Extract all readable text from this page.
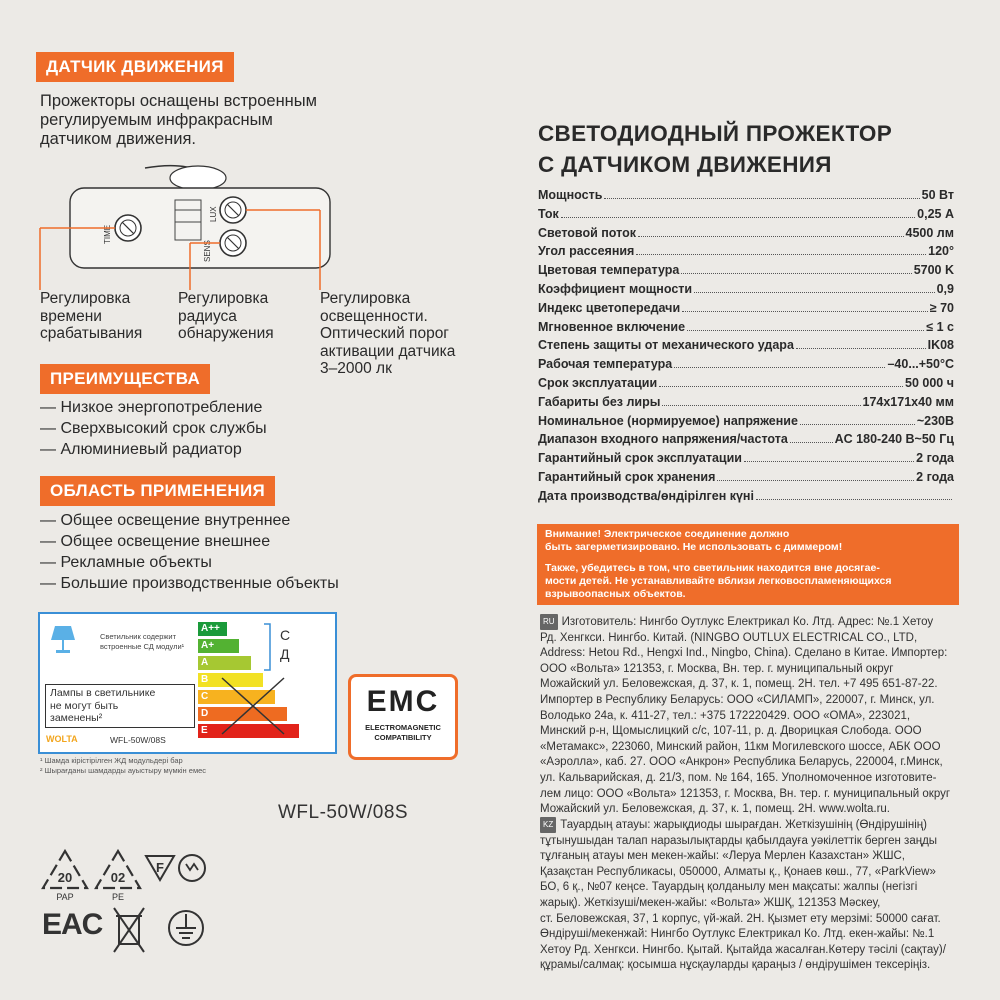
ДАТЧИК ДВИЖЕНИЯ
Прожекторы оснащены встроенным
регулируемым инфракрасным
датчиком движения.
TIME
LUX
SENS
Регулировка
времени
срабатывания
Регулировка
радиуса
обнаружения
Регулировка
освещенности.
Оптический порог
активации датчика
3–2000 лк
ПРЕИМУЩЕСТВА
— Низкое энергопотребление
— Сверхвысокий срок службы
— Алюминиевый радиатор
ОБЛАСТЬ ПРИМЕНЕНИЯ
— Общее освещение внутреннее
— Общее освещение внешнее
— Рекламные объекты
— Большие производственные объекты
Светильник содержит
встроенные СД модули¹
Лампы в светильнике
не могут быть
заменены²
WOLTA	WFL-50W/08S
A++
A+
A
B
C
D
E
С
Д
¹ Шамда кірістірілген ЖД модульдері бар
² Шырағданы шамдарды ауыстыру мүмкін емес
EMC
ELECTROMAGNETIC
COMPATIBILITY
WFL-50W/08S
20
PAP
02
PE
F
EAC
СВЕТОДИОДНЫЙ ПРОЖЕКТОР
С ДАТЧИКОМ ДВИЖЕНИЯ
Мощность	50 Вт
Ток	0,25 А
Световой поток	4500 лм
Угол рассеяния	120°
Цветовая температура	5700 K
Коэффициент мощности	0,9
Индекс цветопередачи	≥ 70
Мгновенное включение	≤ 1 с
Степень защиты от механического удара	IK08
Рабочая температура	–40...+50°С
Срок эксплуатации	50 000 ч
Габариты без лиры	174х171х40 мм
Номинальное (нормируемое) напряжение	~230В
Диапазон входного напряжения/частота	AC 180-240 В~50 Гц
Гарантийный срок эксплуатации	2 года
Гарантийный срок хранения	2 года
Дата производства/өндірілген күні
Внимание! Электрическое соединение должно
быть загерметизировано. Не использовать с диммером!
Также, убедитесь в том, что светильник находится вне досягае-
мости детей. Не устанавливайте вблизи легковоспламеняющихся
взрывоопасных объектов.
RU Изготовитель: Нингбо Оутлукс Електрикал Ко. Лтд. Адрес: №.1 Хетоу
Рд. Хенгкси. Нингбо. Китай. (NINGBO OUTLUX ELECTRICAL CO., LTD,
Address: Hetou Rd., Hengxi Ind., Ningbo, China). Сделано в Китае. Импортер:
ООО «Вольта» 121353, г. Москва, Вн. тер. г. муниципальный округ
Можайский ул. Беловежская, д. 37, к. 1, помещ. 2Н. тел. +7 495 651-87-22.
Импортер в Республику Беларусь: ООО «СИЛАМП», 220007, г. Минск, ул.
Володько 24а, к. 411-27, тел.: +375 172220429. ООО «ОМА», 223021,
Минский р-н, Щомыслицкий с/с, 107-11, р. д. Дворицкая Слобода. ООО
«Метамакс», 223060, Минский район, 11км Могилевского шоссе, АБК ООО
«Аэролла», каб. 27. ООО «Анкрон» Республика Беларусь, 220004, г.Минск,
ул. Кальварийская, д. 21/3, пом. № 164, 165. Уполномоченное изготовите-
лем лицо: ООО «Вольта» 121353, г. Москва, Вн. тер. г. муниципальный округ
Можайский ул. Беловежская, д. 37, к. 1, помещ. 2Н. www.wolta.ru.
KZ Тауардың атауы: жарықдиоды шырағдан. Жеткізушінің (Өндірушінің)
тұтынушыдан талап наразылықтарды қабылдауға уәкілеттік берген заңды
тұлғаның атауы мен мекен-жайы: «Леруа Мерлен Казахстан» ЖШС,
Қазақстан Республикасы, 050000, Алматы қ., Қонаев көш., 77, «ParkView»
БО, 6 қ., №07 кеңсе. Тауардың қолданылу мен мақсаты: жалпы (негізгі
жарық). Жеткізуші/мекен-жайы: «Вольта» ЖШҚ, 121353 Мәскеу,
ст. Беловежская, 37, 1 корпус, үй-жай. 2Н. Қызмет ету мерзімі: 50000 сағат.
Өндіруші/мекенжай: Нингбо Оутлукс Електрикал Ко. Лтд. екен-жайы: №.1
Хетоу Рд. Хенгкси. Нингбо. Қытай. Қытайда жасалған.Көтеру тәсілі (сақтау)/
құрамы/салмақ: қосымша нұсқауларды қараңыз / өндірушімен тексеріңіз.
